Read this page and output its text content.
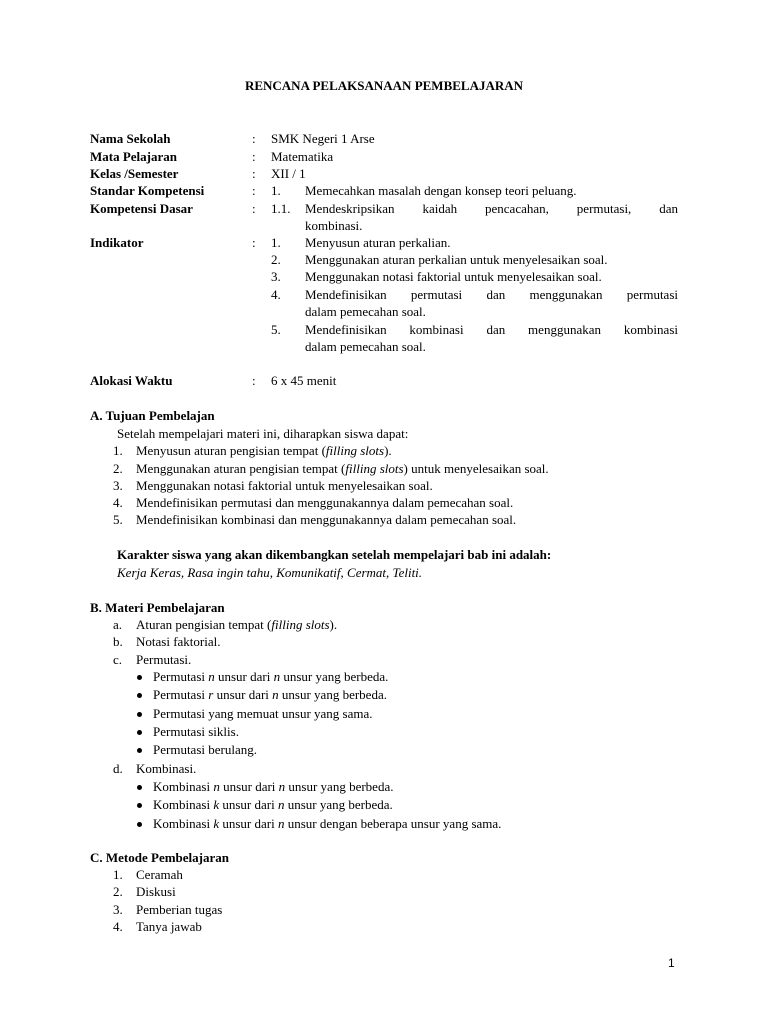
RENCANA PELAKSANAAN PEMBELAJARAN
Nama Sekolah	: SMK Negeri 1 Arse
Mata Pelajaran	: Matematika
Kelas /Semester	: XII / 1
Standar Kompetensi	: 1. Memecahkan masalah dengan konsep teori peluang.
Kompetensi Dasar	: 1.1. Mendeskripsikan kaidah pencacahan, permutasi, dan
kombinasi.
Indikator	: 1. Menyusun aturan perkalian.
2. Menggunakan aturan perkalian untuk menyelesaikan soal.
3. Menggunakan notasi faktorial untuk menyelesaikan soal.
4. Mendefinisikan permutasi dan menggunakan permutasi
dalam pemecahan soal.
5. Mendefinisikan kombinasi dan menggunakan kombinasi
dalam pemecahan soal.
Alokasi Waktu	: 6 x 45 menit
A. Tujuan Pembelajan
Setelah mempelajari materi ini, diharapkan siswa dapat:
1. Menyusun aturan pengisian tempat (filling slots).
2. Menggunakan aturan pengisian tempat (filling slots) untuk menyelesaikan soal.
3. Menggunakan notasi faktorial untuk menyelesaikan soal.
4. Mendefinisikan permutasi dan menggunakannya dalam pemecahan soal.
5. Mendefinisikan kombinasi dan menggunakannya dalam pemecahan soal.
Karakter siswa yang akan dikembangkan setelah mempelajari bab ini adalah:
Kerja Keras, Rasa ingin tahu, Komunikatif, Cermat, Teliti.
B. Materi Pembelajaran
a. Aturan pengisian tempat (filling slots).
b. Notasi faktorial.
c. Permutasi.
Permutasi n unsur dari n unsur yang berbeda.
Permutasi r unsur dari n unsur yang berbeda.
Permutasi yang memuat unsur yang sama.
Permutasi siklis.
Permutasi berulang.
d. Kombinasi.
Kombinasi n unsur dari n unsur yang berbeda.
Kombinasi k unsur dari n unsur yang berbeda.
Kombinasi k unsur dari n unsur dengan beberapa unsur yang sama.
C. Metode Pembelajaran
1. Ceramah
2. Diskusi
3. Pemberian tugas
4. Tanya jawab
1
